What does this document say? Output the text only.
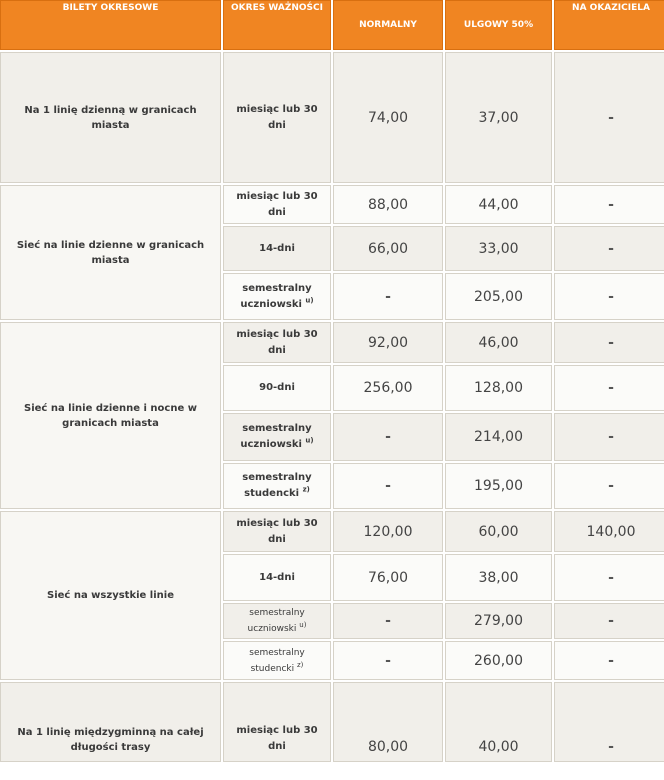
BILETY OKRESOWE	OKRES WAŻNOŚCI	NORMALNY	ULGOWY 50%	NA OKAZICIELA
Na 1 linię dzienną w granicach miasta	miesiąc lub 30 dni	74,00	37,00	-
Sieć na linie dzienne w granicach miasta	miesiąc lub 30 dni	88,00	44,00	-
	14-dni	66,00	33,00	-
	semestralny uczniowski $^{u)}$	-	205,00	-
Sieć na linie dzienne i nocne w granicach miasta	miesiąc lub 30 dni	92,00	46,00	-
	90-dni	256,00	128,00	-
	semestralny uczniowski $^{u)}$	-	214,00	-
	semestralny studencki $^{z)}$	-	195,00	-
Sieć na wszystkie linie	miesiąc lub 30 dni	120,00	60,00	140,00
	14-dni	76,00	38,00	-
	semestralny uczniowski $^{u)}$	-	279,00	-
	semestralny studencki $^{z)}$	-	260,00	-
Na 1 linię międzygminną na całej długości trasy	miesiąc lub 30 dni	80,00	40,00	-
